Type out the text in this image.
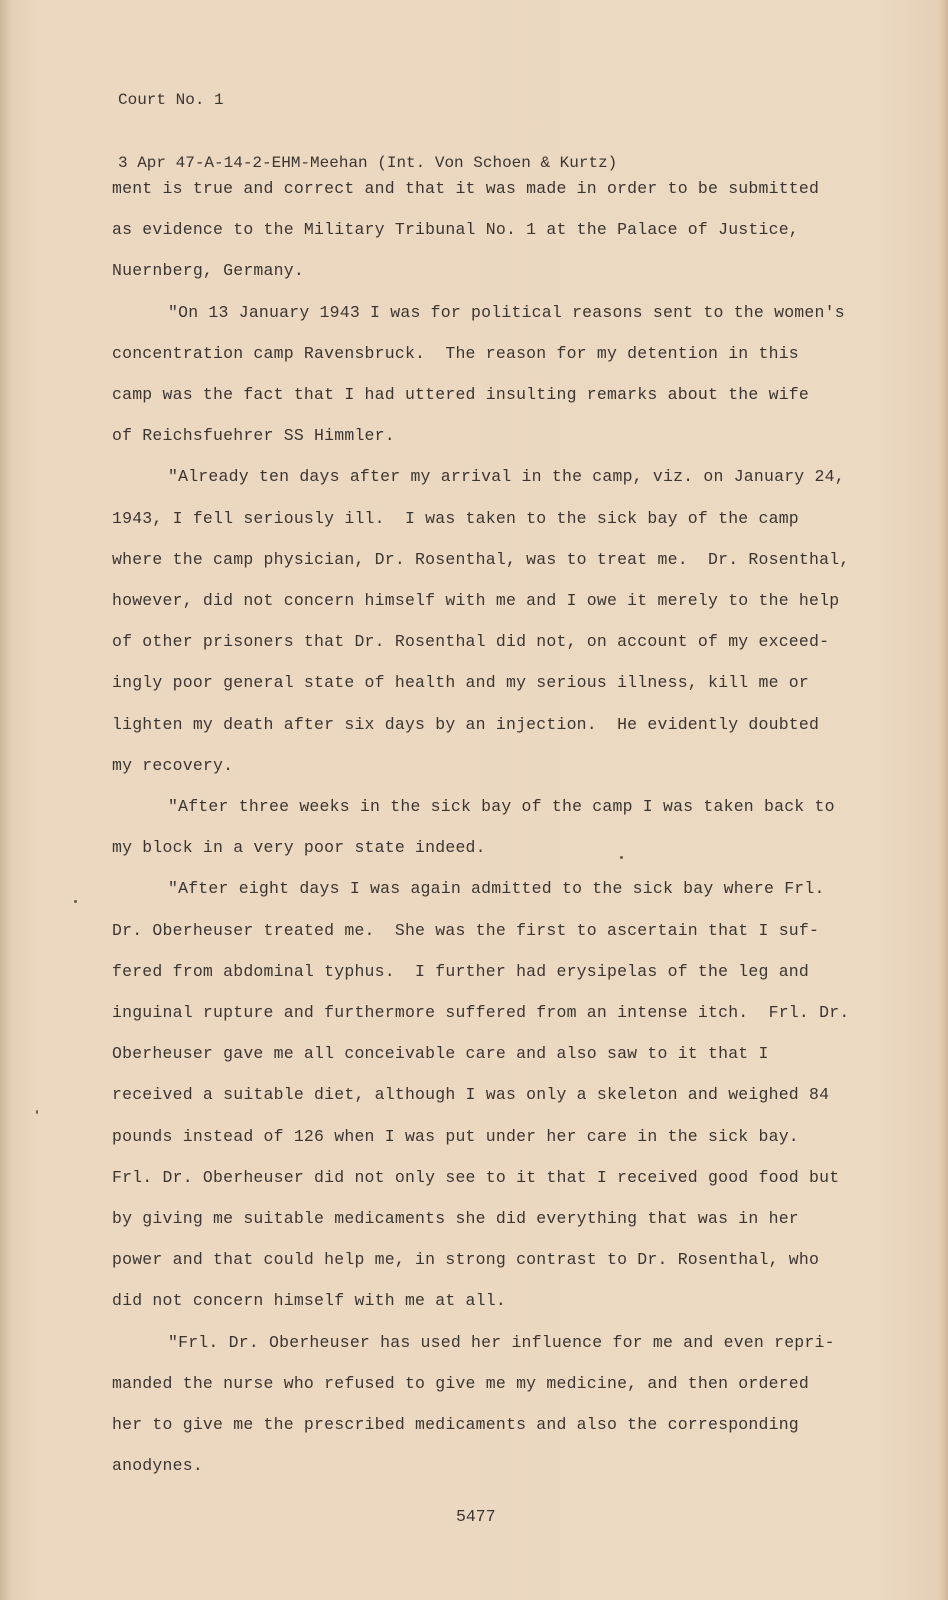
Court No. 1

3 Apr 47-A-14-2-EHM-Meehan (Int. Von Schoen & Kurtz)

ment is true and correct and that it was made in order to be submitted
as evidence to the Military Tribunal No. 1 at the Palace of Justice,
Nuernberg, Germany.
"On 13 January 1943 I was for political reasons sent to the women's
concentration camp Ravensbruck.  The reason for my detention in this
camp was the fact that I had uttered insulting remarks about the wife
of Reichsfuehrer SS Himmler.
"Already ten days after my arrival in the camp, viz. on January 24,
1943, I fell seriously ill.  I was taken to the sick bay of the camp
where the camp physician, Dr. Rosenthal, was to treat me.  Dr. Rosenthal,
however, did not concern himself with me and I owe it merely to the help
of other prisoners that Dr. Rosenthal did not, on account of my exceed-
ingly poor general state of health and my serious illness, kill me or
lighten my death after six days by an injection.  He evidently doubted
my recovery.
"After three weeks in the sick bay of the camp I was taken back to
my block in a very poor state indeed.
"After eight days I was again admitted to the sick bay where Frl.
Dr. Oberheuser treated me.  She was the first to ascertain that I suf-
fered from abdominal typhus.  I further had erysipelas of the leg and
inguinal rupture and furthermore suffered from an intense itch.  Frl. Dr.
Oberheuser gave me all conceivable care and also saw to it that I
received a suitable diet, although I was only a skeleton and weighed 84
pounds instead of 126 when I was put under her care in the sick bay.
Frl. Dr. Oberheuser did not only see to it that I received good food but
by giving me suitable medicaments she did everything that was in her
power and that could help me, in strong contrast to Dr. Rosenthal, who
did not concern himself with me at all.
"Frl. Dr. Oberheuser has used her influence for me and even repri-
manded the nurse who refused to give me my medicine, and then ordered
her to give me the prescribed medicaments and also the corresponding
anodynes.
5477
